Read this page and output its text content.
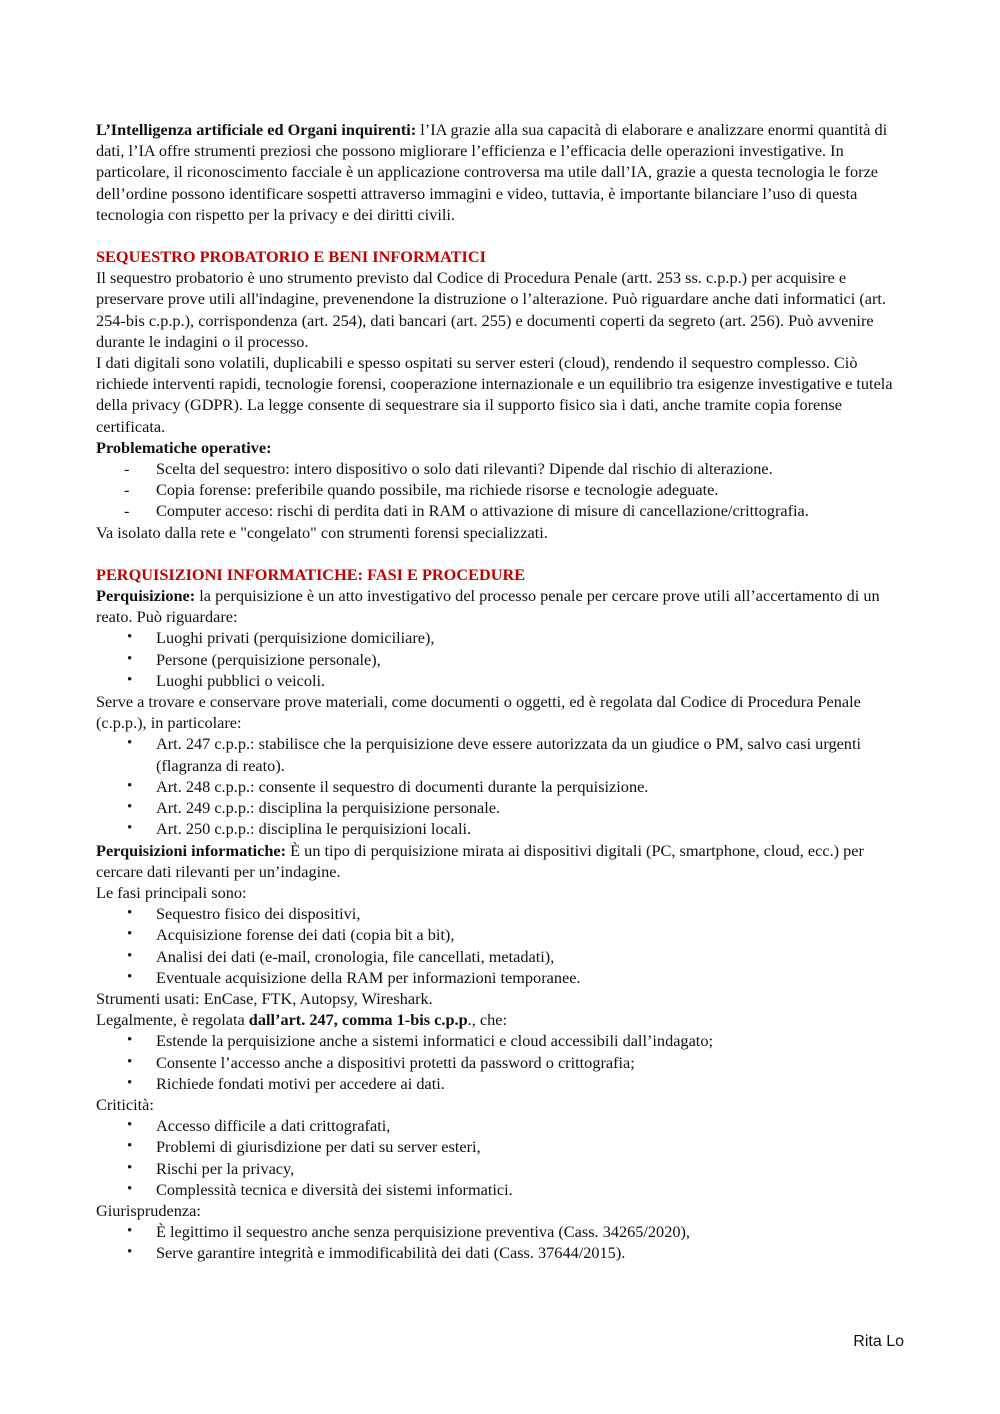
L’Intelligenza artificiale ed Organi inquirenti: l’IA grazie alla sua capacità di elaborare e analizzare enormi quantità di dati, l’IA offre strumenti preziosi che possono migliorare l’efficienza e l’efficacia delle operazioni investigative. In particolare, il riconoscimento facciale è un applicazione controversa ma utile dall’IA, grazie a questa tecnologia le forze dell’ordine possono identificare sospetti attraverso immagini e video, tuttavia, è importante bilanciare l’uso di questa tecnologia con rispetto per la privacy e dei diritti civili.

SEQUESTRO PROBATORIO E BENI INFORMATICI

Il sequestro probatorio è uno strumento previsto dal Codice di Procedura Penale (artt. 253 ss. c.p.p.) per acquisire e preservare prove utili all'indagine, prevenendone la distruzione o l’alterazione. Può riguardare anche dati informatici (art. 254-bis c.p.p.), corrispondenza (art. 254), dati bancari (art. 255) e documenti coperti da segreto (art. 256). Può avvenire durante le indagini o il processo.

I dati digitali sono volatili, duplicabili e spesso ospitati su server esteri (cloud), rendendo il sequestro complesso. Ciò richiede interventi rapidi, tecnologie forensi, cooperazione internazionale e un equilibrio tra esigenze investigative e tutela della privacy (GDPR). La legge consente di sequestrare sia il supporto fisico sia i dati, anche tramite copia forense certificata.

Problematiche operative:

- Scelta del sequestro: intero dispositivo o solo dati rilevanti? Dipende dal rischio di alterazione.
- Copia forense: preferibile quando possibile, ma richiede risorse e tecnologie adeguate.
- Computer acceso: rischi di perdita dati in RAM o attivazione di misure di cancellazione/crittografia.

Va isolato dalla rete e "congelato" con strumenti forensi specializzati.

PERQUISIZIONI INFORMATICHE: FASI E PROCEDURE

Perquisizione: la perquisizione è un atto investigativo del processo penale per cercare prove utili all’accertamento di un reato. Può riguardare:

• Luoghi privati (perquisizione domiciliare),
• Persone (perquisizione personale),
• Luoghi pubblici o veicoli.

Serve a trovare e conservare prove materiali, come documenti o oggetti, ed è regolata dal Codice di Procedura Penale (c.p.p.), in particolare:

• Art. 247 c.p.p.: stabilisce che la perquisizione deve essere autorizzata da un giudice o PM, salvo casi urgenti (flagranza di reato).
• Art. 248 c.p.p.: consente il sequestro di documenti durante la perquisizione.
• Art. 249 c.p.p.: disciplina la perquisizione personale.
• Art. 250 c.p.p.: disciplina le perquisizioni locali.

Perquisizioni informatiche: È un tipo di perquisizione mirata ai dispositivi digitali (PC, smartphone, cloud, ecc.) per cercare dati rilevanti per un’indagine.

Le fasi principali sono:

• Sequestro fisico dei dispositivi,
• Acquisizione forense dei dati (copia bit a bit),
• Analisi dei dati (e-mail, cronologia, file cancellati, metadati),
• Eventuale acquisizione della RAM per informazioni temporanee.

Strumenti usati: EnCase, FTK, Autopsy, Wireshark.

Legalmente, è regolata dall’art. 247, comma 1-bis c.p.p., che:

• Estende la perquisizione anche a sistemi informatici e cloud accessibili dall’indagato;
• Consente l’accesso anche a dispositivi protetti da password o crittografia;
• Richiede fondati motivi per accedere ai dati.

Criticità:

• Accesso difficile a dati crittografati,
• Problemi di giurisdizione per dati su server esteri,
• Rischi per la privacy,
• Complessità tecnica e diversità dei sistemi informatici.

Giurisprudenza:

• È legittimo il sequestro anche senza perquisizione preventiva (Cass. 34265/2020),
• Serve garantire integrità e immodificabilità dei dati (Cass. 37644/2015).
Rita Lo
